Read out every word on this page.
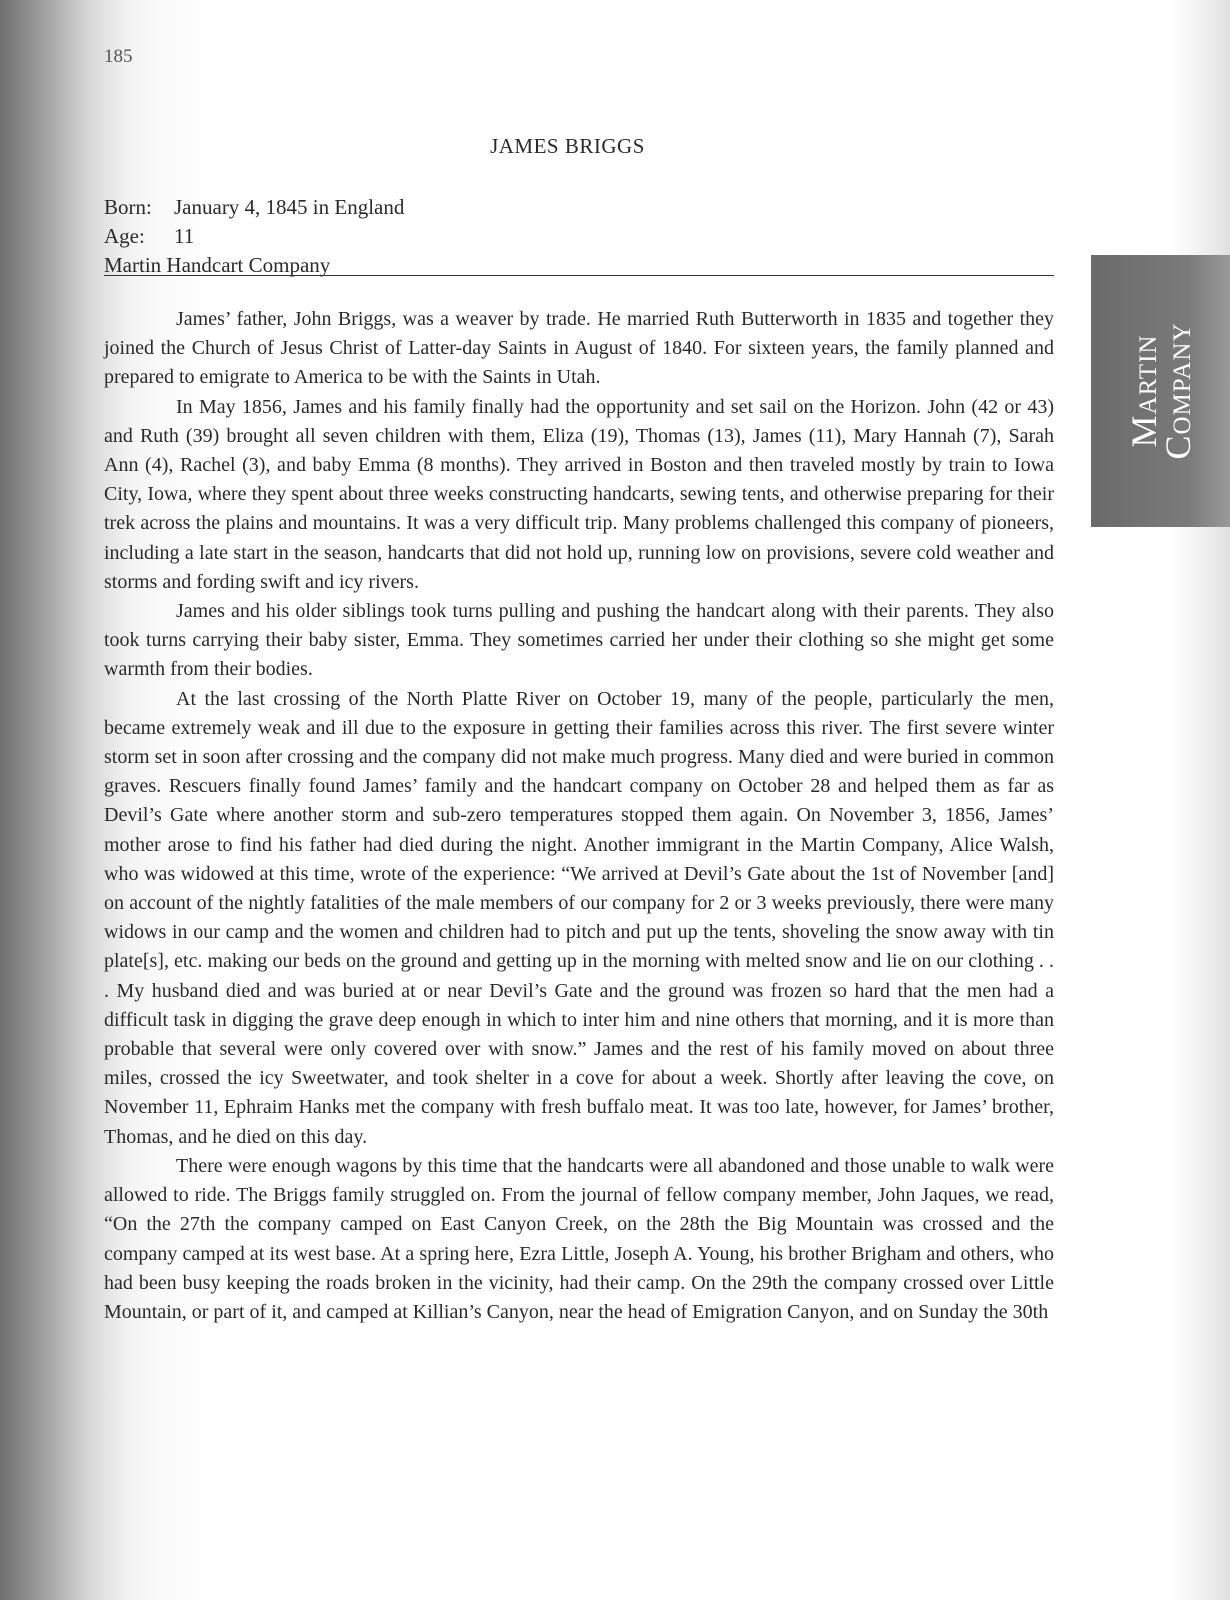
185
JAMES BRIGGS
Born: January 4, 1845 in England
Age: 11
Martin Handcart Company
Martin
Company

James’ father, John Briggs, was a weaver by trade. He married Ruth Butterworth in 1835 and together they joined the Church of Jesus Christ of Latter-day Saints in August of 1840. For sixteen years, the family planned and prepared to emigrate to America to be with the Saints in Utah.

In May 1856, James and his family finally had the opportunity and set sail on the Horizon. John (42 or 43) and Ruth (39) brought all seven children with them, Eliza (19), Thomas (13), James (11), Mary Hannah (7), Sarah Ann (4), Rachel (3), and baby Emma (8 months). They arrived in Boston and then traveled mostly by train to Iowa City, Iowa, where they spent about three weeks constructing handcarts, sewing tents, and otherwise preparing for their trek across the plains and mountains. It was a very difficult trip. Many problems challenged this company of pioneers, including a late start in the season, handcarts that did not hold up, running low on provisions, severe cold weather and storms and fording swift and icy rivers.

James and his older siblings took turns pulling and pushing the handcart along with their parents. They also took turns carrying their baby sister, Emma. They sometimes carried her under their clothing so she might get some warmth from their bodies.

At the last crossing of the North Platte River on October 19, many of the people, particularly the men, became extremely weak and ill due to the exposure in getting their families across this river. The first severe winter storm set in soon after crossing and the company did not make much progress. Many died and were buried in common graves. Rescuers finally found James’ family and the handcart company on October 28 and helped them as far as Devil’s Gate where another storm and sub-zero temperatures stopped them again. On November 3, 1856, James’ mother arose to find his father had died during the night. Another immigrant in the Martin Company, Alice Walsh, who was widowed at this time, wrote of the experience: “We arrived at Devil’s Gate about the 1st of November [and] on account of the nightly fatalities of the male members of our company for 2 or 3 weeks previously, there were many widows in our camp and the women and children had to pitch and put up the tents, shoveling the snow away with tin plate[s], etc. making our beds on the ground and getting up in the morning with melted snow and lie on our clothing . . . My husband died and was buried at or near Devil’s Gate and the ground was frozen so hard that the men had a difficult task in digging the grave deep enough in which to inter him and nine others that morning, and it is more than probable that several were only covered over with snow.” James and the rest of his family moved on about three miles, crossed the icy Sweetwater, and took shelter in a cove for about a week. Shortly after leaving the cove, on November 11, Ephraim Hanks met the company with fresh buffalo meat. It was too late, however, for James’ brother, Thomas, and he died on this day.

There were enough wagons by this time that the handcarts were all abandoned and those unable to walk were allowed to ride. The Briggs family struggled on. From the journal of fellow company member, John Jaques, we read, “On the 27th the company camped on East Canyon Creek, on the 28th the Big Mountain was crossed and the company camped at its west base. At a spring here, Ezra Little, Joseph A. Young, his brother Brigham and others, who had been busy keeping the roads broken in the vicinity, had their camp. On the 29th the company crossed over Little Mountain, or part of it, and camped at Killian’s Canyon, near the head of Emigration Canyon, and on Sunday the 30th
